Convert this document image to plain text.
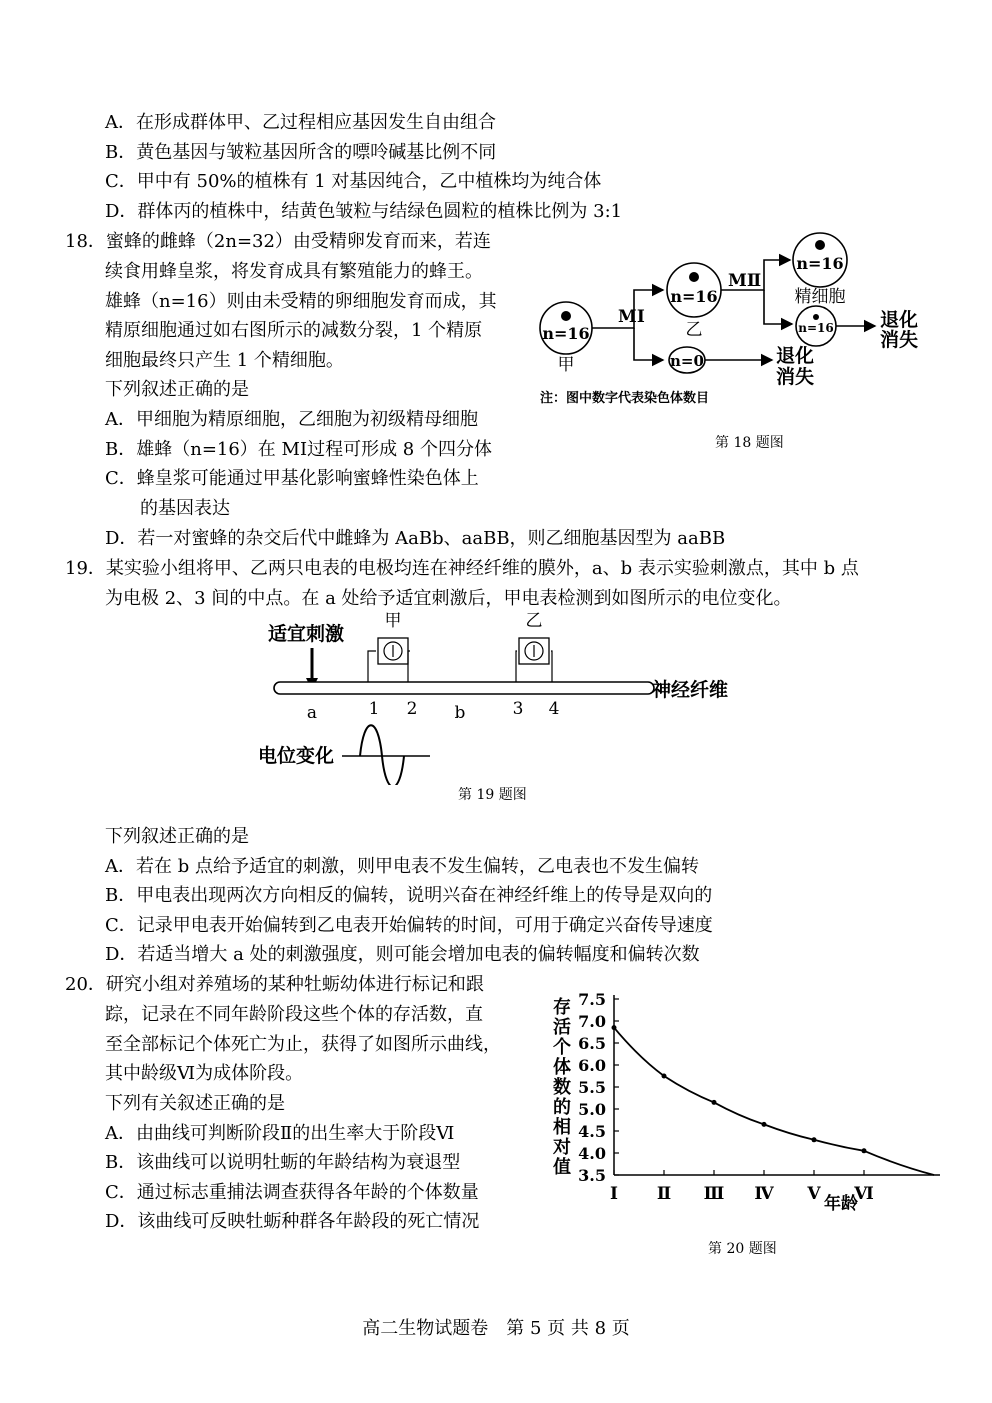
A．在形成群体甲、乙过程相应基因发生自由组合
B．黄色基因与皱粒基因所含的嘌呤碱基比例不同
C．甲中有 50%的植株有 1 对基因纯合，乙中植株均为纯合体
D．群体丙的植株中，结黄色皱粒与结绿色圆粒的植株比例为 3:1
18．蜜蜂的雌蜂（2n=32）由受精卵发育而来，若连
续食用蜂皇浆，将发育成具有繁殖能力的蜂王。
雄蜂（n=16）则由未受精的卵细胞发育而成，其
精原细胞通过如右图所示的减数分裂，1 个精原
细胞最终只产生 1 个精细胞。
下列叙述正确的是
A．甲细胞为精原细胞，乙细胞为初级精母细胞
B．雄蜂（n=16）在 MI过程可形成 8 个四分体
C．蜂皇浆可能通过甲基化影响蜜蜂性染色体上
的基因表达
D．若一对蜜蜂的杂交后代中雌蜂为 AaBb、aaBB，则乙细胞基因型为 aaBB
n=16
甲
MⅠ
n=16
乙
n=0	退化
消失
MⅡ
n=16
精细胞
n=16 退化
消失
注：图中数字代表染色体数目
第 18 题图
19．某实验小组将甲、乙两只电表的电极均连在神经纤维的膜外，a、b 表示实验刺激点，其中 b 点
为电极 2、3 间的中点。在 a 处给予适宜刺激后，甲电表检测到如图所示的电位变化。
适宜刺激
神经纤维
甲	乙
a	1 2 b	3 4
电位变化
第 19 题图
下列叙述正确的是
A．若在 b 点给予适宜的刺激，则甲电表不发生偏转，乙电表也不发生偏转
B．甲电表出现两次方向相反的偏转，说明兴奋在神经纤维上的传导是双向的
C．记录甲电表开始偏转到乙电表开始偏转的时间，可用于确定兴奋传导速度
D．若适当增大 a 处的刺激强度，则可能会增加电表的偏转幅度和偏转次数
20．研究小组对养殖场的某种牡蛎幼体进行标记和跟
踪，记录在不同年龄阶段这些个体的存活数，直
至全部标记个体死亡为止，获得了如图所示曲线，
其中龄级Ⅵ为成体阶段。
下列有关叙述正确的是
A．由曲线可判断阶段Ⅱ的出生率大于阶段Ⅵ
B．该曲线可以说明牡蛎的年龄结构为衰退型
C．通过标志重捕法调查获得各年龄的个体数量
D．该曲线可反映牡蛎种群各年龄段的死亡情况
存
活
个
体
数
的
相
对
值 3.5
4.0
4.5
5.0
5.5
6.0
6.5
7.0
7.5
Ⅰ Ⅱ Ⅲ Ⅳ Ⅴ Ⅵ
年龄
第 20 题图
高二生物试题卷　第 5 页 共 8 页
